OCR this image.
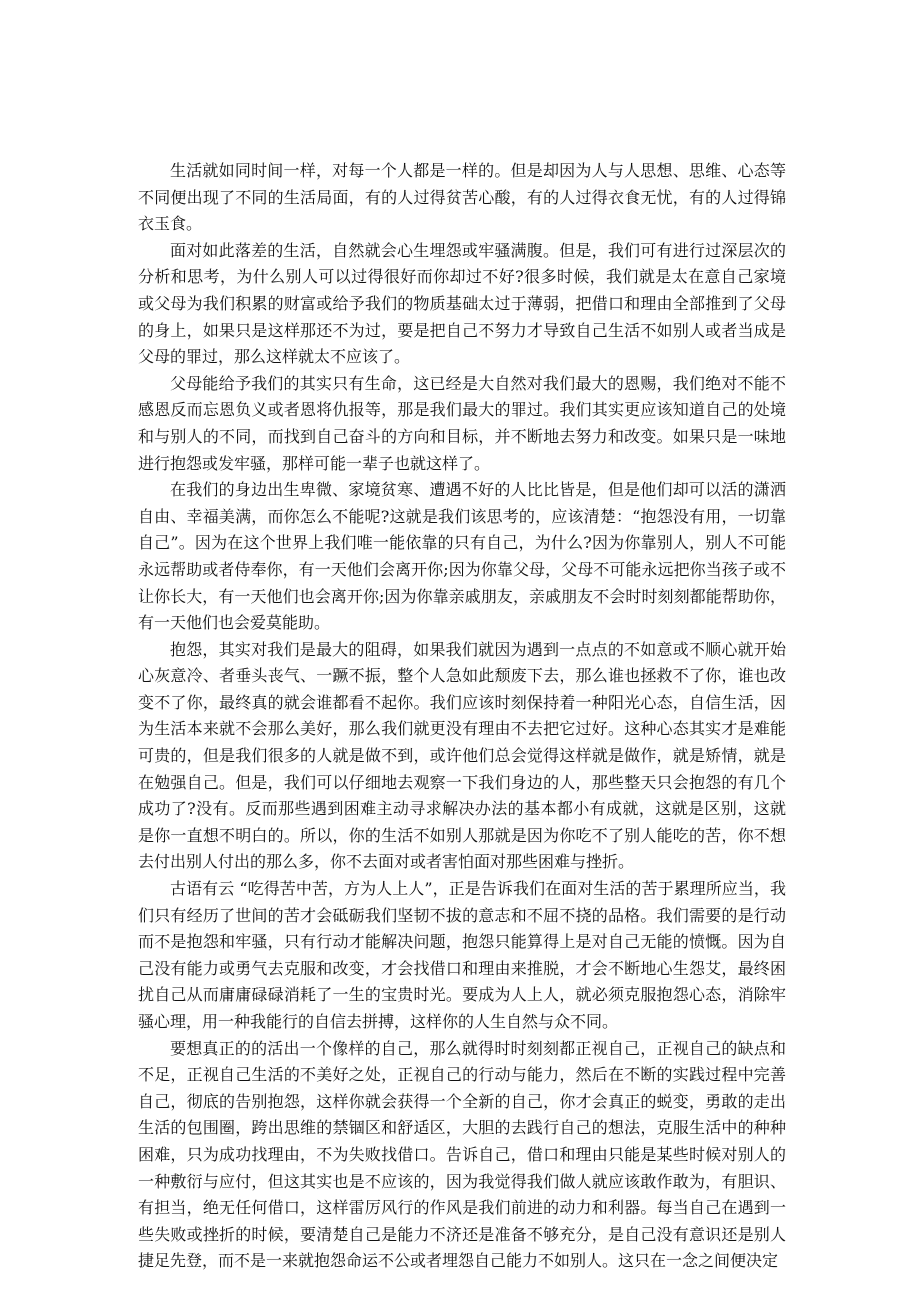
生活就如同时间一样，对每一个人都是一样的。但是却因为人与人思想、思维、心态等不同便出现了不同的生活局面，有的人过得贫苦心酸，有的人过得衣食无忧，有的人过得锦衣玉食。

面对如此落差的生活，自然就会心生埋怨或牢骚满腹。但是，我们可有进行过深层次的分析和思考，为什么别人可以过得很好而你却过不好?很多时候，我们就是太在意自己家境或父母为我们积累的财富或给予我们的物质基础太过于薄弱，把借口和理由全部推到了父母的身上，如果只是这样那还不为过，要是把自己不努力才导致自己生活不如别人或者当成是父母的罪过，那么这样就太不应该了。

父母能给予我们的其实只有生命，这已经是大自然对我们最大的恩赐，我们绝对不能不感恩反而忘恩负义或者恩将仇报等，那是我们最大的罪过。我们其实更应该知道自己的处境和与别人的不同，而找到自己奋斗的方向和目标，并不断地去努力和改变。如果只是一味地进行抱怨或发牢骚，那样可能一辈子也就这样了。

在我们的身边出生卑微、家境贫寒、遭遇不好的人比比皆是，但是他们却可以活的潇洒自由、幸福美满，而你怎么不能呢?这就是我们该思考的，应该清楚：“抱怨没有用，一切靠自己”。因为在这个世界上我们唯一能依靠的只有自己，为什么?因为你靠别人，别人不可能永远帮助或者侍奉你，有一天他们会离开你;因为你靠父母，父母不可能永远把你当孩子或不让你长大，有一天他们也会离开你;因为你靠亲戚朋友，亲戚朋友不会时时刻刻都能帮助你，有一天他们也会爱莫能助。

抱怨，其实对我们是最大的阻碍，如果我们就因为遇到一点点的不如意或不顺心就开始心灰意冷、者垂头丧气、一蹶不振，整个人急如此颓废下去，那么谁也拯救不了你，谁也改变不了你，最终真的就会谁都看不起你。我们应该时刻保持着一种阳光心态，自信生活，因为生活本来就不会那么美好，那么我们就更没有理由不去把它过好。这种心态其实才是难能可贵的，但是我们很多的人就是做不到，或许他们总会觉得这样就是做作，就是矫情，就是在勉强自己。但是，我们可以仔细地去观察一下我们身边的人，那些整天只会抱怨的有几个成功了?没有。反而那些遇到困难主动寻求解决办法的基本都小有成就，这就是区别，这就是你一直想不明白的。所以，你的生活不如别人那就是因为你吃不了别人能吃的苦，你不想去付出别人付出的那么多，你不去面对或者害怕面对那些困难与挫折。

古语有云 “吃得苦中苦，方为人上人”，正是告诉我们在面对生活的苦于累理所应当，我们只有经历了世间的苦才会砥砺我们坚韧不拔的意志和不屈不挠的品格。我们需要的是行动而不是抱怨和牢骚，只有行动才能解决问题，抱怨只能算得上是对自己无能的愤慨。因为自己没有能力或勇气去克服和改变，才会找借口和理由来推脱，才会不断地心生怨艾，最终困扰自己从而庸庸碌碌消耗了一生的宝贵时光。要成为人上人，就必须克服抱怨心态，消除牢骚心理，用一种我能行的自信去拼搏，这样你的人生自然与众不同。

要想真正的的活出一个像样的自己，那么就得时时刻刻都正视自己，正视自己的缺点和不足，正视自己生活的不美好之处，正视自己的行动与能力，然后在不断的实践过程中完善自己，彻底的告别抱怨，这样你就会获得一个全新的自己，你才会真正的蜕变，勇敢的走出生活的包围圈，跨出思维的禁锢区和舒适区，大胆的去践行自己的想法，克服生活中的种种困难，只为成功找理由，不为失败找借口。告诉自己，借口和理由只能是某些时候对别人的一种敷衍与应付，但这其实也是不应该的，因为我觉得我们做人就应该敢作敢为，有胆识、有担当，绝无任何借口，这样雷厉风行的作风是我们前进的动力和利器。每当自己在遇到一些失败或挫折的时候，要清楚自己是能力不济还是准备不够充分，是自己没有意识还是别人捷足先登，而不是一来就抱怨命运不公或者埋怨自己能力不如别人。这只在一念之间便决定
